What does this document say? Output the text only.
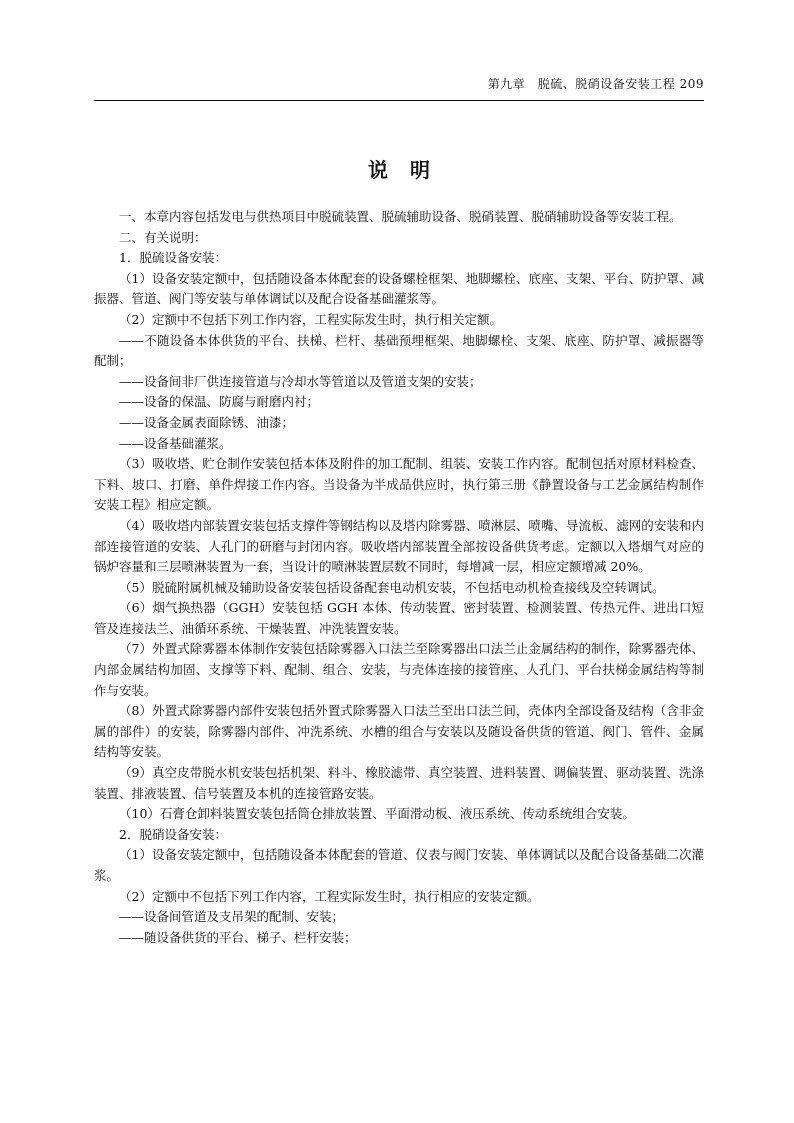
第九章　脱硫、脱硝设备安装工程 209
说明

一、本章内容包括发电与供热项目中脱硫装置、脱硫辅助设备、脱硝装置、脱硝辅助设备等安装工程。

二、有关说明：

1．脱硫设备安装：

（1）设备安装定额中，包括随设备本体配套的设备螺栓框架、地脚螺栓、底座、支架、平台、防护罩、减振器、管道、阀门等安装与单体调试以及配合设备基础灌浆等。

（2）定额中不包括下列工作内容，工程实际发生时，执行相关定额。

——不随设备本体供货的平台、扶梯、栏杆、基础预埋框架、地脚螺栓、支架、底座、防护罩、减振器等配制；

——设备间非厂供连接管道与冷却水等管道以及管道支架的安装；

——设备的保温、防腐与耐磨内衬；

——设备金属表面除锈、油漆；

——设备基础灌浆。

（3）吸收塔、贮仓制作安装包括本体及附件的加工配制、组装、安装工作内容。配制包括对原材料检查、下料、坡口、打磨、单件焊接工作内容。当设备为半成品供应时，执行第三册《静置设备与工艺金属结构制作安装工程》相应定额。

（4）吸收塔内部装置安装包括支撑件等钢结构以及塔内除雾器、喷淋层、喷嘴、导流板、滤网的安装和内部连接管道的安装、人孔门的研磨与封闭内容。吸收塔内部装置全部按设备供货考虑。定额以入塔烟气对应的锅炉容量和三层喷淋装置为一套，当设计的喷淋装置层数不同时，每增减一层，相应定额增减 20%。

（5）脱硫附属机械及辅助设备安装包括设备配套电动机安装，不包括电动机检查接线及空转调试。

（6）烟气换热器（GGH）安装包括 GGH 本体、传动装置、密封装置、检测装置、传热元件、进出口短管及连接法兰、油循环系统、干燥装置、冲洗装置安装。

（7）外置式除雾器本体制作安装包括除雾器入口法兰至除雾器出口法兰止金属结构的制作，除雾器壳体、内部金属结构加固、支撑等下料、配制、组合、安装，与壳体连接的接管座、人孔门、平台扶梯金属结构等制作与安装。

（8）外置式除雾器内部件安装包括外置式除雾器入口法兰至出口法兰间，壳体内全部设备及结构（含非金属的部件）的安装，除雾器内部件、冲洗系统、水槽的组合与安装以及随设备供货的管道、阀门、管件、金属结构等安装。

（9）真空皮带脱水机安装包括机架、料斗、橡胶滤带、真空装置、进料装置、调偏装置、驱动装置、洗涤装置、排液装置、信号装置及本机的连接管路安装。

（10）石膏仓卸料装置安装包括筒仓排放装置、平面滑动板、液压系统、传动系统组合安装。

2．脱硝设备安装：

（1）设备安装定额中，包括随设备本体配套的管道、仪表与阀门安装、单体调试以及配合设备基础二次灌浆。

（2）定额中不包括下列工作内容，工程实际发生时，执行相应的安装定额。

——设备间管道及支吊架的配制、安装；

——随设备供货的平台、梯子、栏杆安装；
